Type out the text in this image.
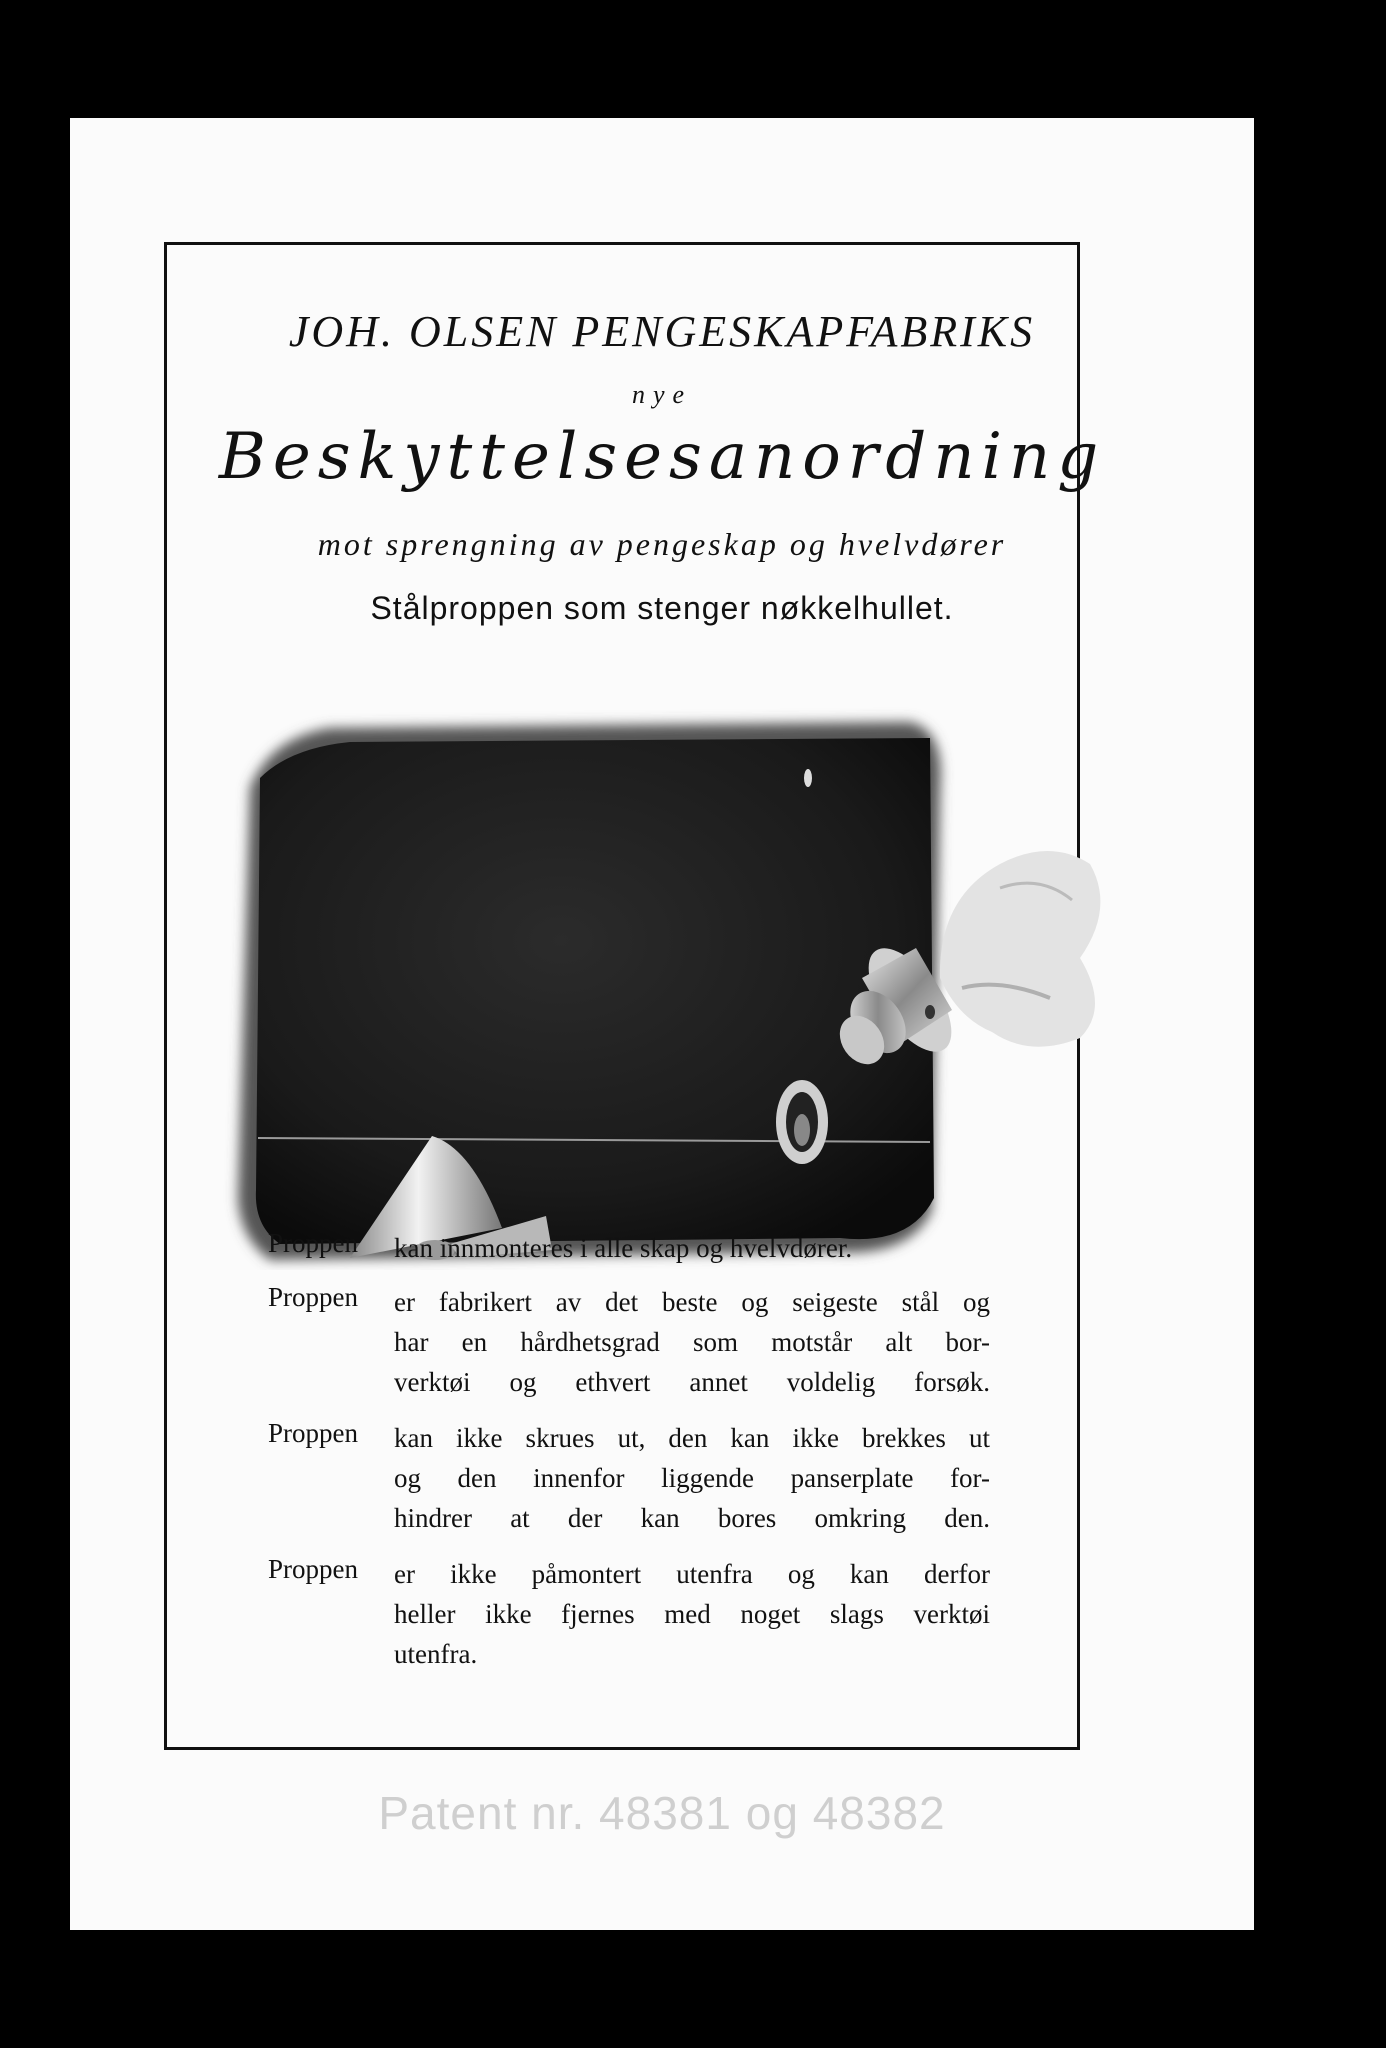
JOH. OLSEN PENGESKAPFABRIKS
nye
Beskyttelsesanordning
mot sprengning av pengeskap og hvelvdører
Stålproppen som stenger nøkkelhullet.
Proppen kan innmonteres i alle skap og hvelvdører.
Proppen er fabrikert av det beste og seigeste stål og
har en hårdhetsgrad som motstår alt bor-
verktøi og ethvert annet voldelig forsøk.
Proppen kan ikke skrues ut, den kan ikke brekkes ut
og den innenfor liggende panserplate for-
hindrer at der kan bores omkring den.
Proppen er ikke påmontert utenfra og kan derfor
heller ikke fjernes med noget slags verktøi
utenfra.
Patent nr. 48381 og 48382
